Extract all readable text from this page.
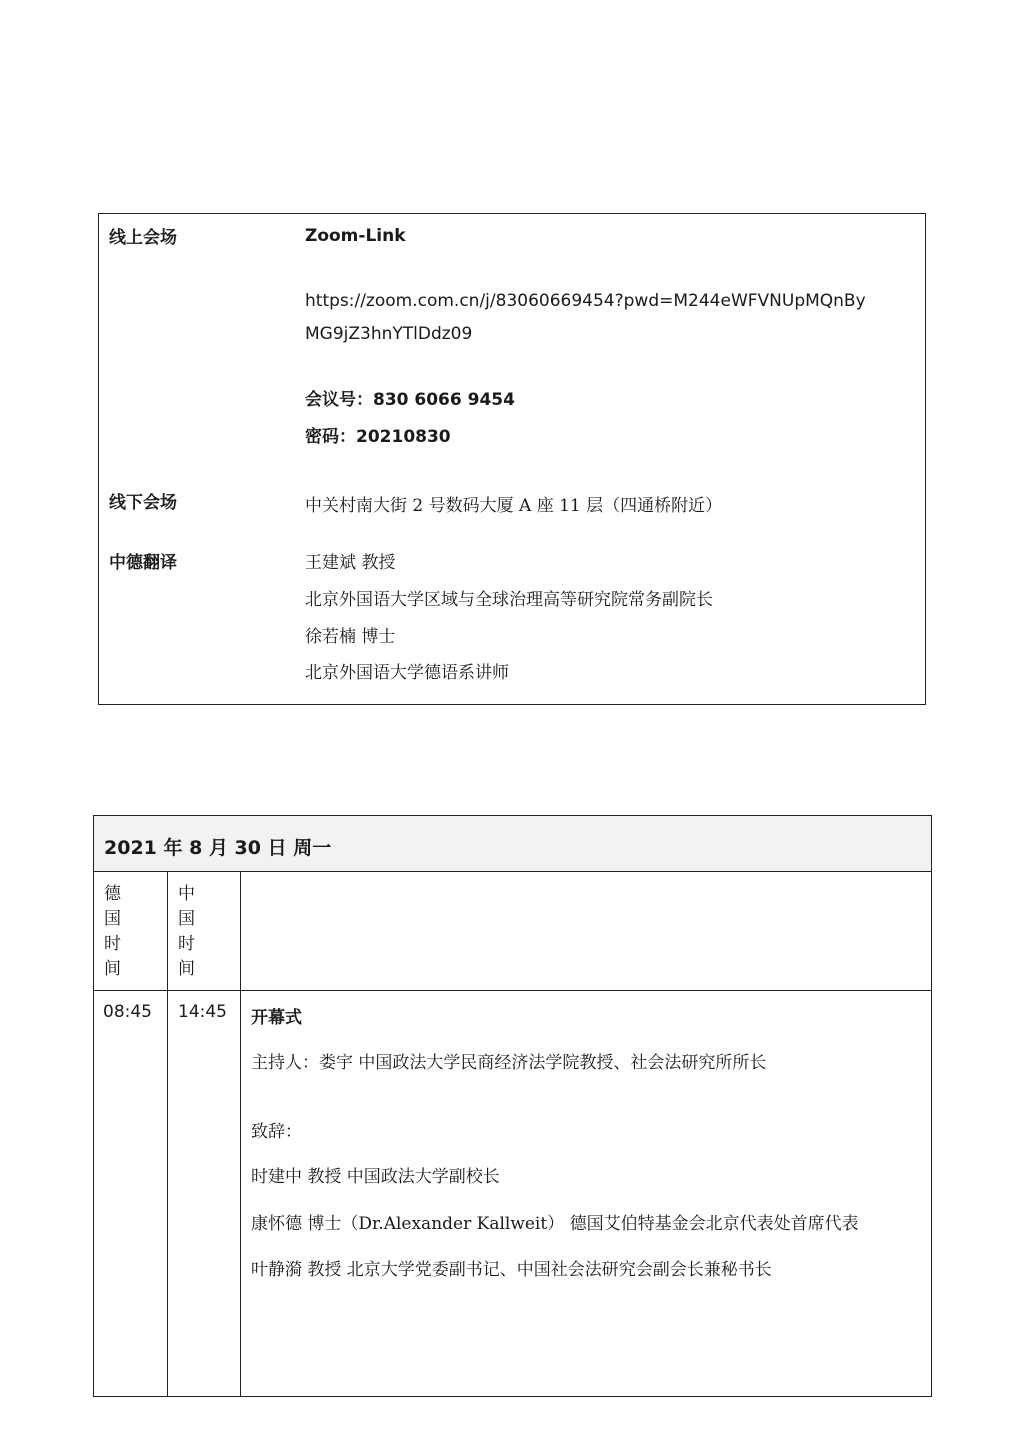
线上会场	Zoom-Link
https://zoom.com.cn/j/83060669454?pwd=M244eWFVNUpMQnBy
MG9jZ3hnYTlDdz09
会议号：830 6066 9454
密码：20210830
线下会场	中关村南大街 2 号数码大厦 A 座 11 层（四通桥附近）
中德翻译	王建斌 教授
北京外国语大学区域与全球治理高等研究院常务副院长
徐若楠 博士
北京外国语大学德语系讲师
2021 年 8 月 30 日 周一
德国时间
中国时间
08:45 14:45 开幕式
主持人：娄宇 中国政法大学民商经济法学院教授、社会法研究所所长
致辞：
时建中 教授 中国政法大学副校长
康怀德 博士（Dr.Alexander Kallweit） 德国艾伯特基金会北京代表处首席代表
叶静漪 教授 北京大学党委副书记、中国社会法研究会副会长兼秘书长
